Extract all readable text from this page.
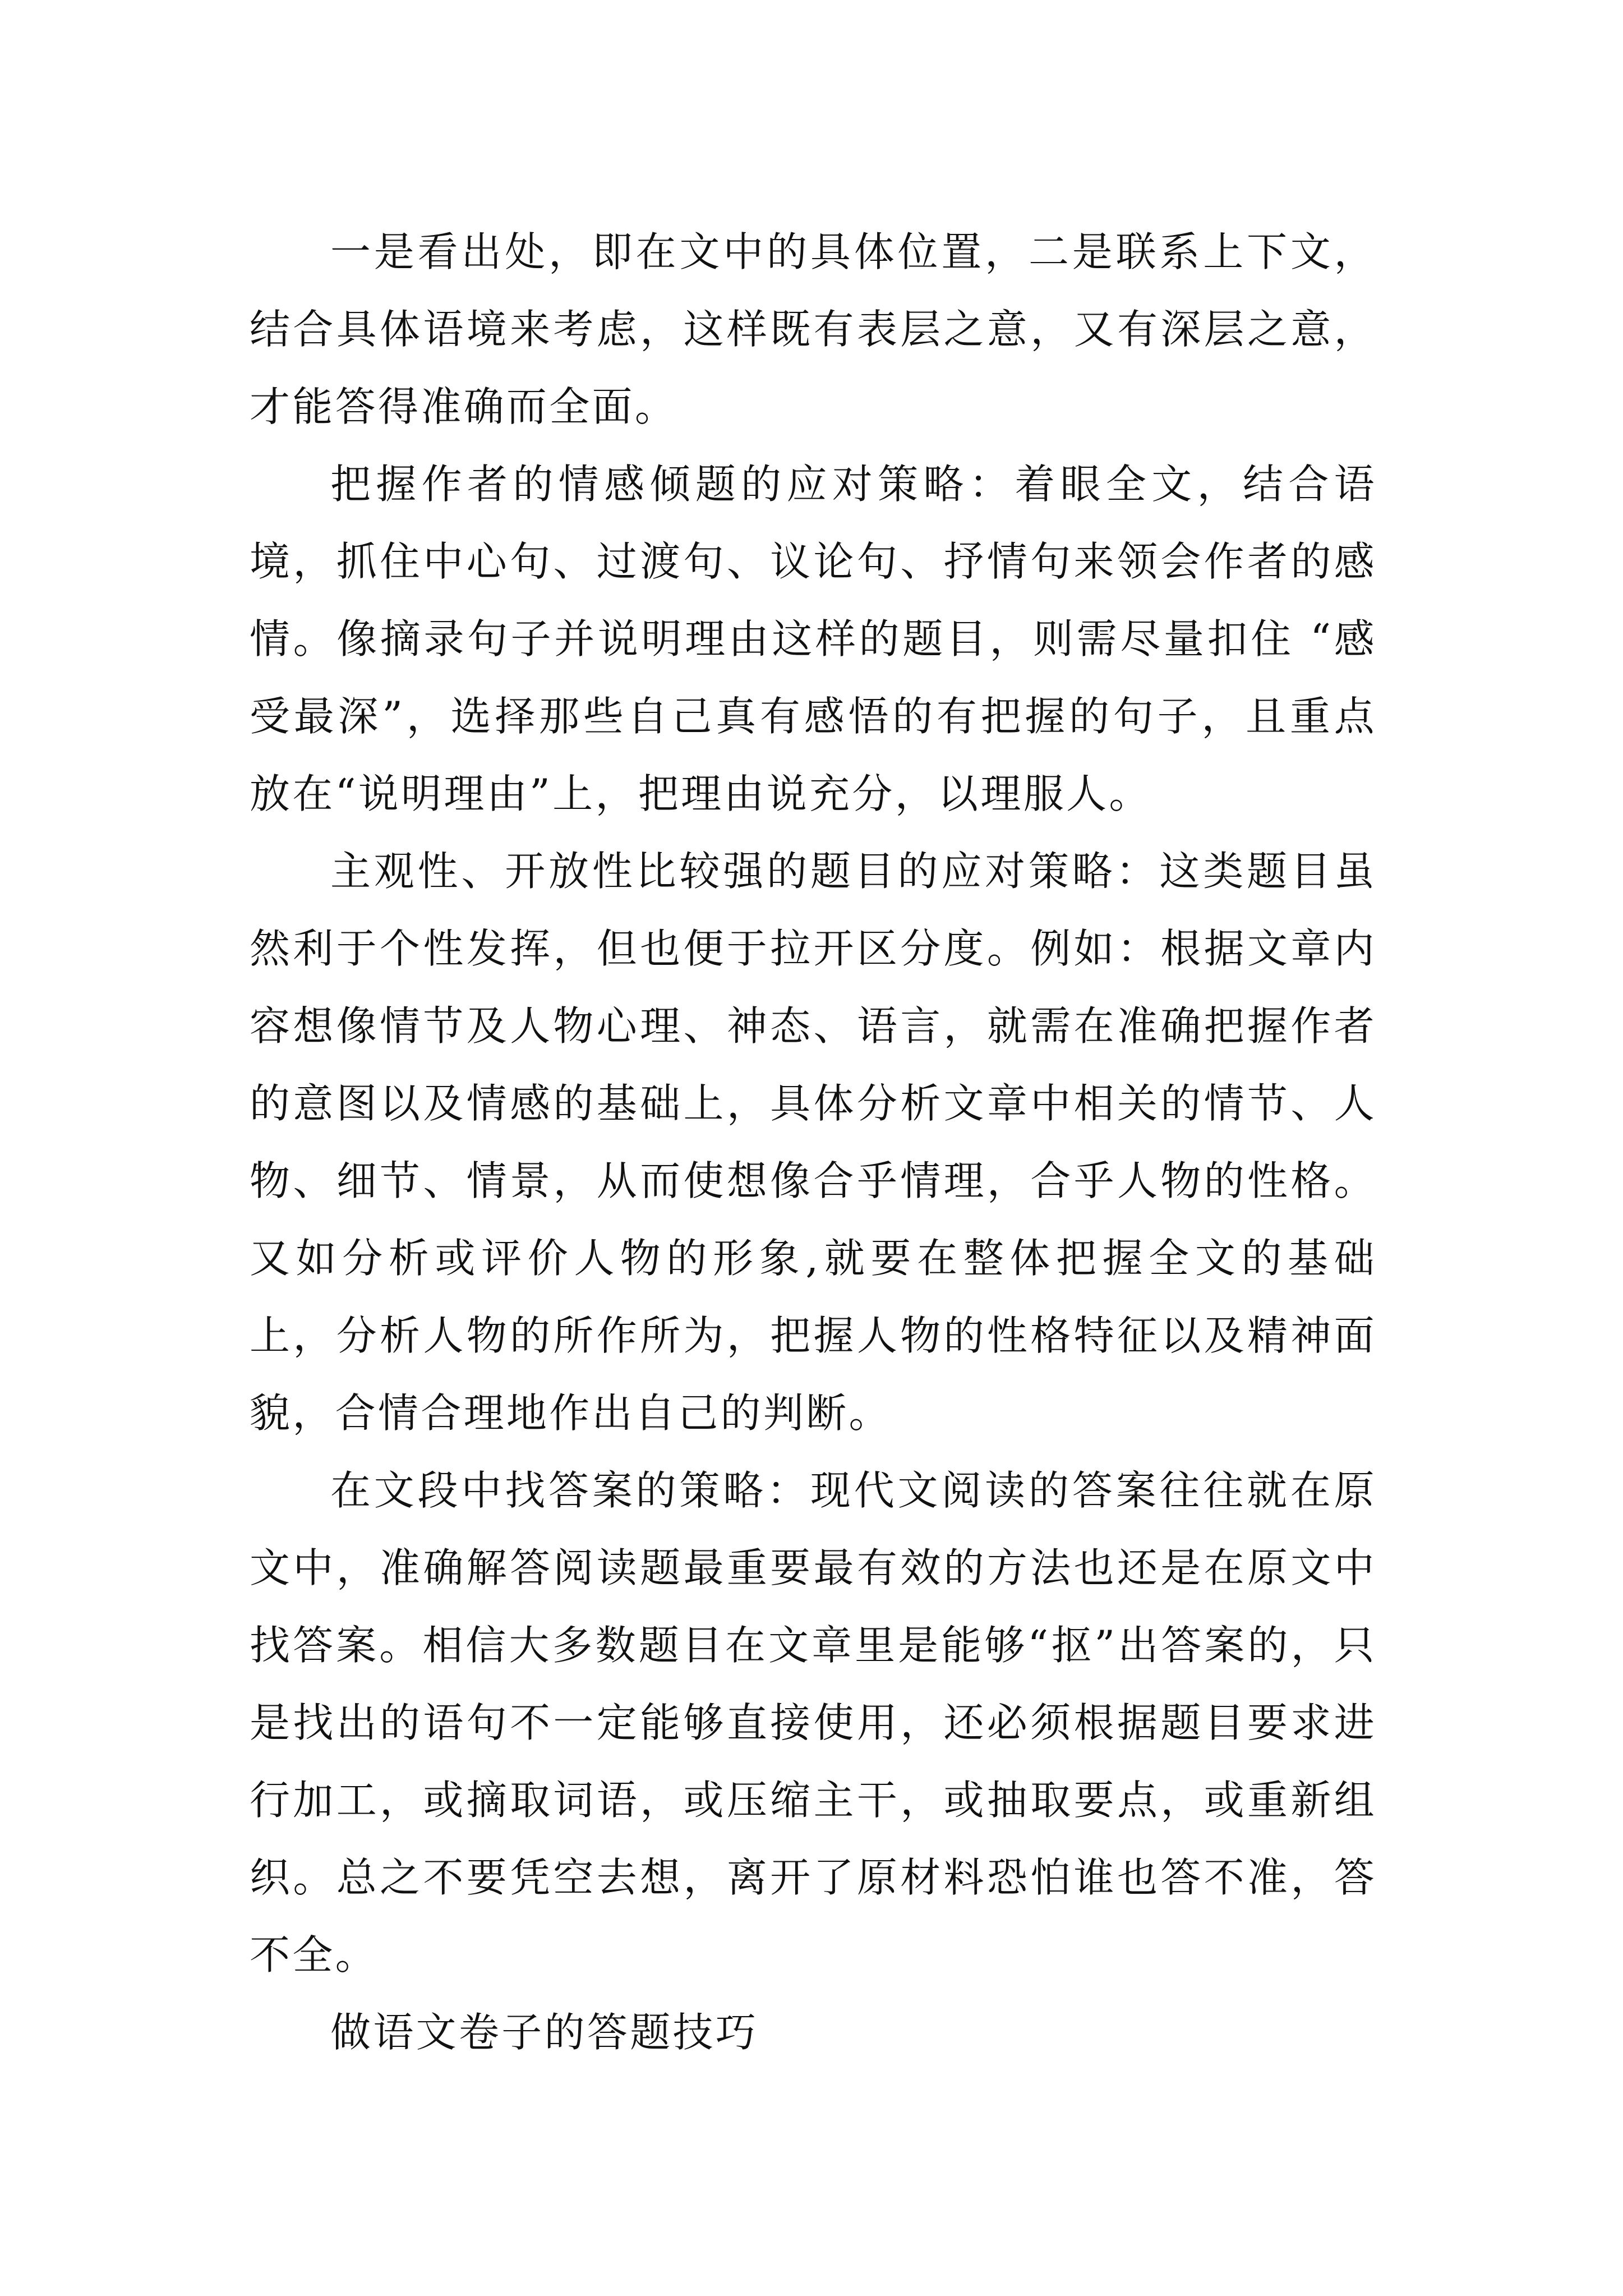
一是看出处，即在文中的具体位置，二是联系上下文，结合具体语境来考虑，这样既有表层之意，又有深层之意，才能答得准确而全面。

把握作者的情感倾题的应对策略：着眼全文，结合语境，抓住中心句、过渡句、议论句、抒情句来领会作者的感情。像摘录句子并说明理由这样的题目，则需尽量扣住 “感受最深”，选择那些自己真有感悟的有把握的句子，且重点放在“说明理由”上，把理由说充分，以理服人。

主观性、开放性比较强的题目的应对策略：这类题目虽然利于个性发挥，但也便于拉开区分度。例如：根据文章内容想像情节及人物心理、神态、语言，就需在准确把握作者的意图以及情感的基础上，具体分析文章中相关的情节、人物、细节、情景，从而使想像合乎情理，合乎人物的性格。又如分析或评价人物的形象,就要在整体把握全文的基础上，分析人物的所作所为，把握人物的性格特征以及精神面貌，合情合理地作出自己的判断。

在文段中找答案的策略：现代文阅读的答案往往就在原文中，准确解答阅读题最重要最有效的方法也还是在原文中找答案。相信大多数题目在文章里是能够“抠”出答案的，只是找出的语句不一定能够直接使用，还必须根据题目要求进行加工，或摘取词语，或压缩主干，或抽取要点，或重新组织。总之不要凭空去想，离开了原材料恐怕谁也答不准，答不全。

做语文卷子的答题技巧
